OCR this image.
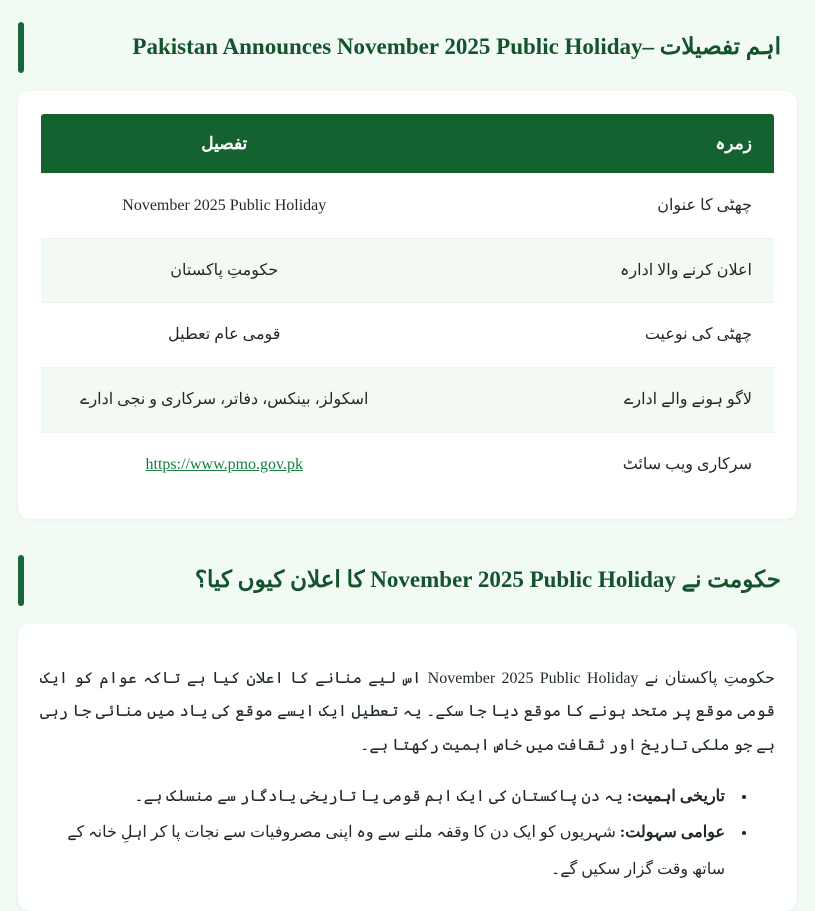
اہم تفصیلات –Pakistan Announces November 2025 Public Holiday
زمرہ	تفصیل
چھٹی کا عنوان	November 2025 Public Holiday
اعلان کرنے والا ادارہ	حکومتِ پاکستان
چھٹی کی نوعیت	قومی عام تعطیل
لاگو ہونے والے ادارے	اسکولز، بینکس، دفاتر، سرکاری و نجی ادارے
سرکاری ویب سائٹ	https://www.pmo.gov.pk
حکومت نے November 2025 Public Holiday کا اعلان کیوں کیا؟

حکومتِ پاکستان نے November 2025 Public Holiday اس لیے منانے کا اعلان کیا ہے تاکہ عوام کو ایک قومی موقع پر متحد ہونے کا موقع دیا جا سکے۔ یہ تعطیل ایک ایسے موقع کی یاد میں منائی جا رہی ہے جو ملکی تاریخ اور ثقافت میں خاص اہمیت رکھتا ہے۔

• تاریخی اہمیت: یہ دن پاکستان کی ایک اہم قومی یا تاریخی یادگار سے منسلک ہے۔
• عوامی سہولت: شہریوں کو ایک دن کا وقفہ ملنے سے وہ اپنی مصروفیات سے نجات پا کر اہلِ خانہ کے ساتھ وقت گزار سکیں گے۔
